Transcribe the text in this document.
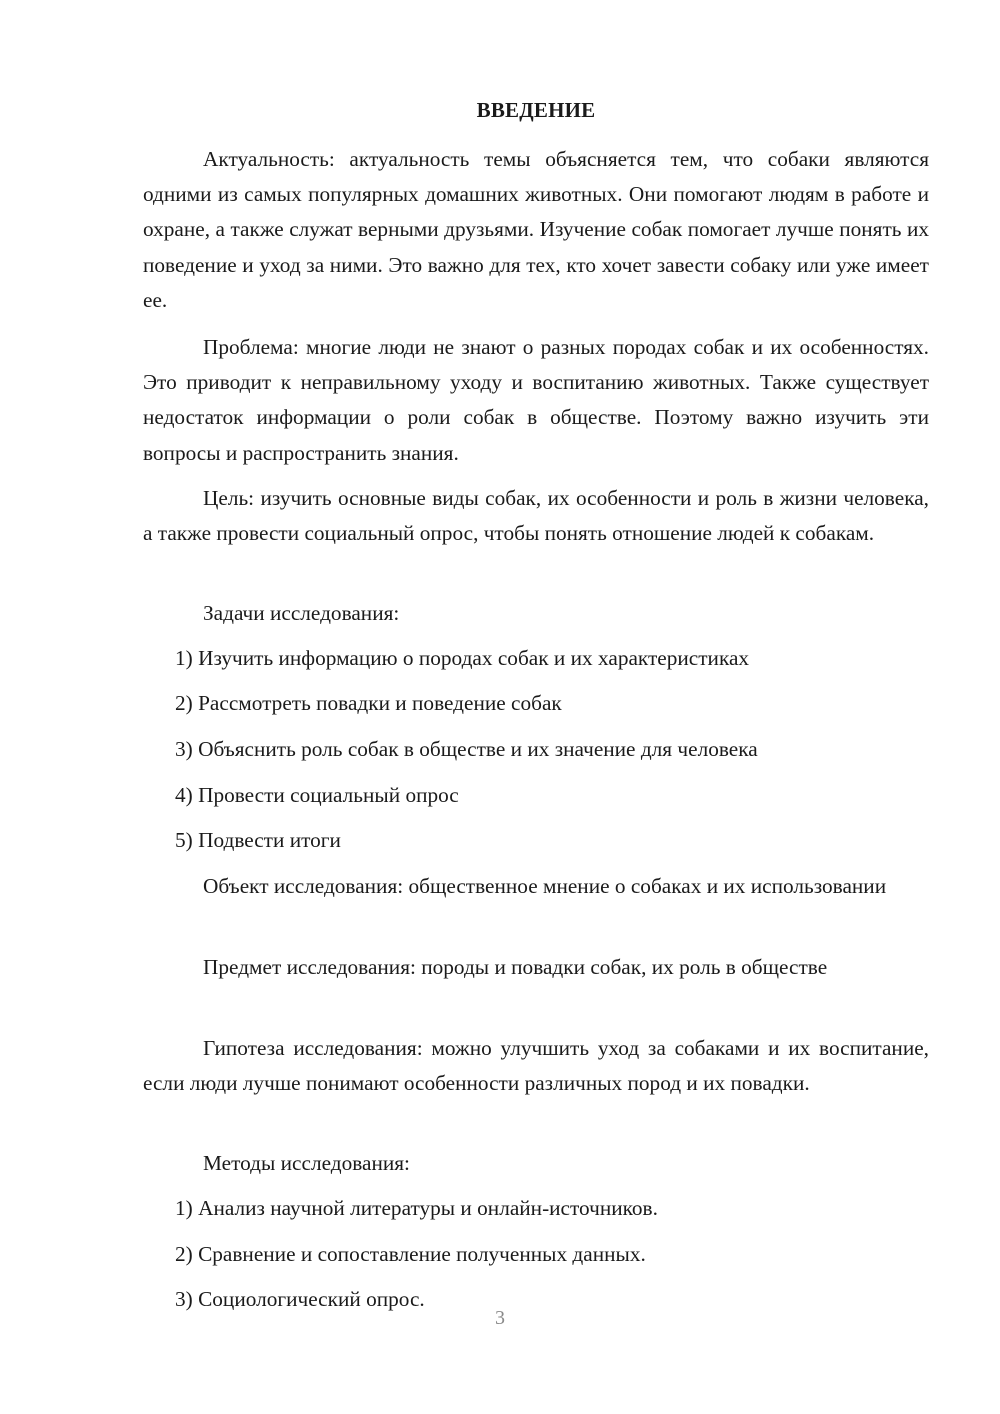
ВВЕДЕНИЕ

Актуальность: актуальность темы объясняется тем, что собаки являются одними из самых популярных домашних животных. Они помогают людям в работе и охране, а также служат верными друзьями. Изучение собак помогает лучше понять их поведение и уход за ними. Это важно для тех, кто хочет завести собаку или уже имеет ее.

Проблема: многие люди не знают о разных породах собак и их особенностях. Это приводит к неправильному уходу и воспитанию животных. Также существует недостаток информации о роли собак в обществе. Поэтому важно изучить эти вопросы и распространить знания.

Цель: изучить основные виды собак, их особенности и роль в жизни человека, а также провести социальный опрос, чтобы понять отношение людей к собакам.

Задачи исследования:

1) Изучить информацию о породах собак и их характеристиках

2) Рассмотреть повадки и поведение собак

3) Объяснить роль собак в обществе и их значение для человека

4) Провести социальный опрос

5) Подвести итоги

Объект исследования: общественное мнение о собаках и их использовании

Предмет исследования: породы и повадки собак, их роль в обществе

Гипотеза исследования: можно улучшить уход за собаками и их воспитание, если люди лучше понимают особенности различных пород и их повадки.

Методы исследования:

1) Анализ научной литературы и онлайн-источников.

2) Сравнение и сопоставление полученных данных.

3) Социологический опрос.

3
